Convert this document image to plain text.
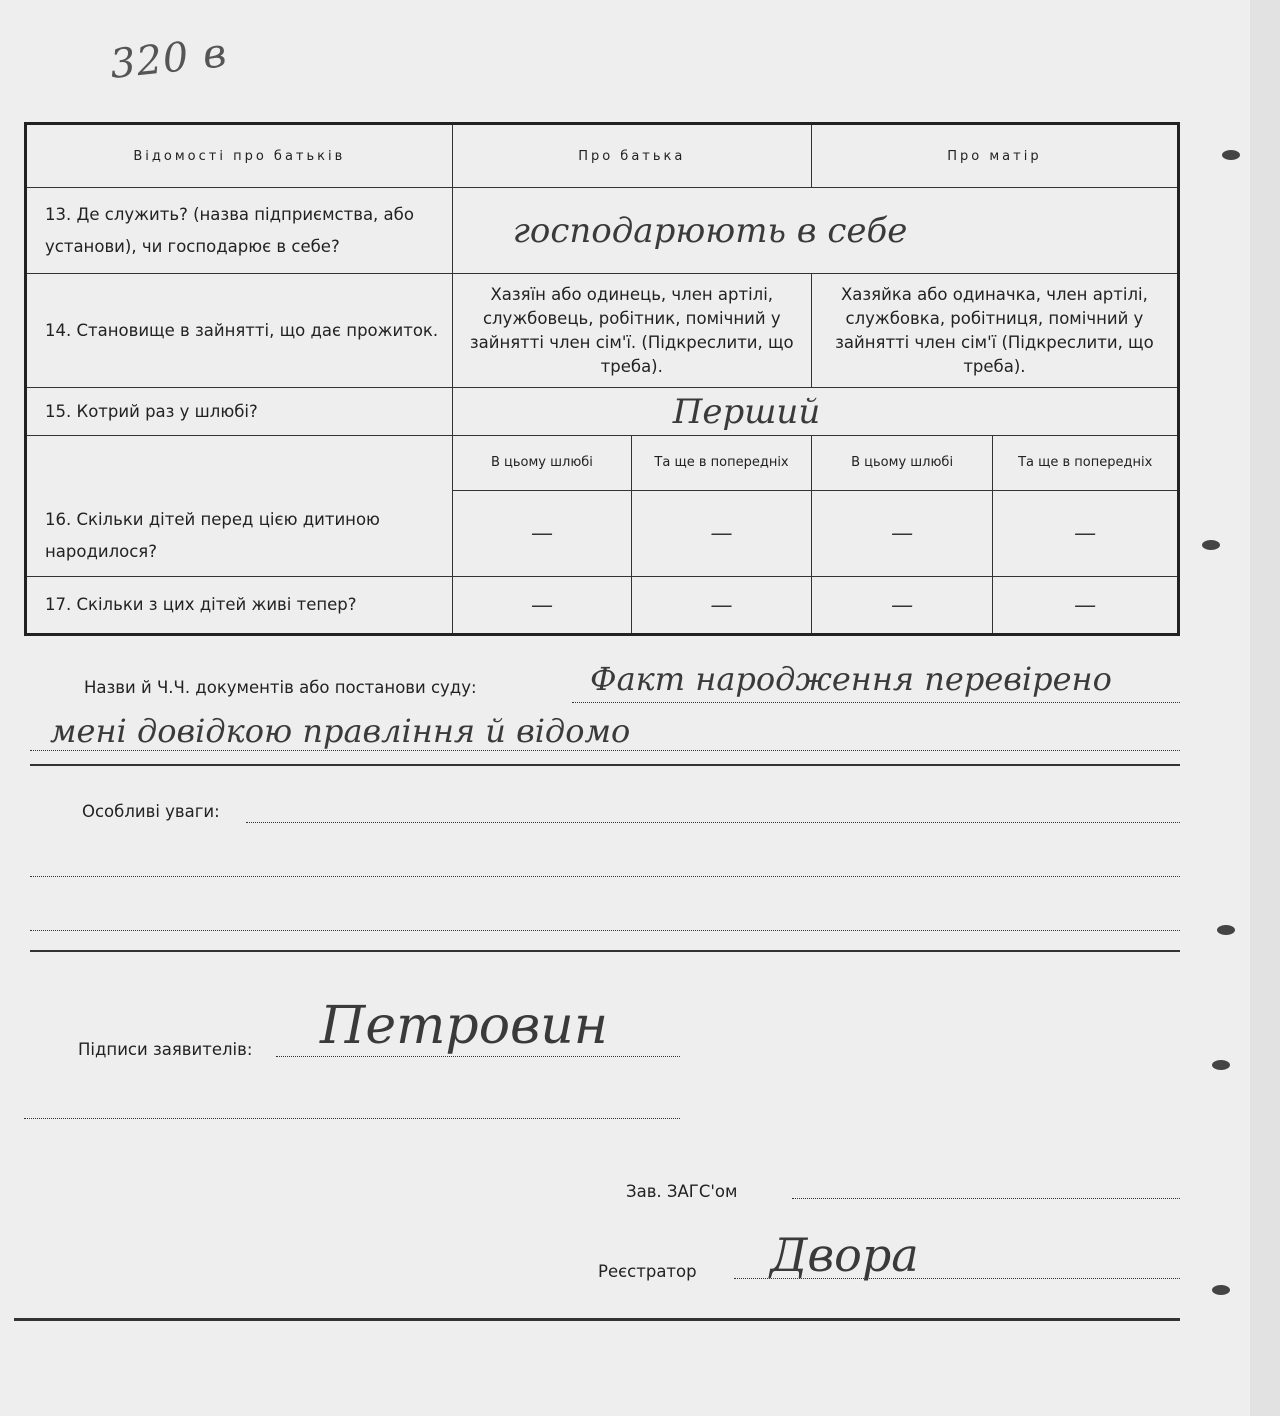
320 в
Відомості про батьків	Про батька		Про матір	
13. Де служить? (назва підприємства, або установи), чи господарює в себе?	господарюють в себе			
14. Становище в зайнятті, що дає прожиток.	Хазяїн або одинець, член артілі, службовець, робітник, помічний у зайнятті член сім'ї. (Підкреслити, що треба).		Хазяйка або одиначка, член артілі, службовка, робітниця, помічний у зайнятті член сім'ї (Підкреслити, що треба).	
15. Котрий раз у шлюбі?	Перший			
16. Скільки дітей перед цією дитиною народилося?	В цьому шлюбі	Та ще в попередніх	В цьому шлюбі	Та ще в попередніх
	—	—	—	—
17. Скільки з цих дітей живі тепер?	—	—	—	—
Назви й Ч.Ч. документів або постанови суду:	Факт народження перевірено
мені довідкою правління й відомо
Особливі уваги:
Підписи заявителів: Петровин
Зав. ЗАГС'ом
Реєстратор Двоpa
